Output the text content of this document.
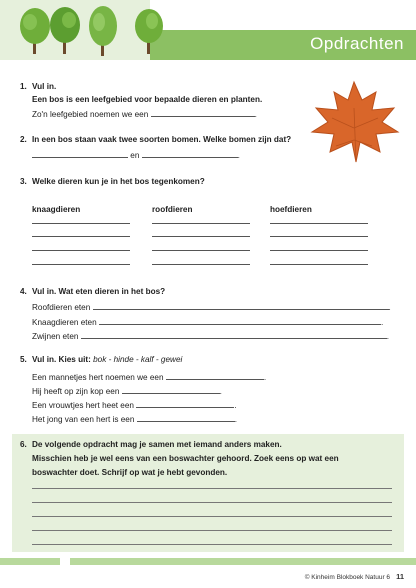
Opdrachten
1. Vul in.
Een bos is een leefgebied voor bepaalde dieren en planten.
Zo'n leefgebied noemen we een	.
2. In een bos staan vaak twee soorten bomen. Welke bomen zijn dat?
en	.
3. Welke dieren kun je in het bos tegenkomen?
knaagdieren	roofdieren	hoefdieren
4. Vul in. Wat eten dieren in het bos?
Roofdieren eten	.
Knaagdieren eten	.
Zwijnen eten	.
5. Vul in. Kies uit: bok - hinde - kalf - gewei
Een mannetjes hert noemen we een	.
Hij heeft op zijn kop een	.
Een vrouwtjes hert heet een	.
Het jong van een hert is een	.
6. De volgende opdracht mag je samen met iemand anders maken.
Misschien heb je wel eens van een boswachter gehoord. Zoek eens op wat een
boswachter doet. Schrijf op wat je hebt gevonden.
© Kinheim Blokboek Natuur 6 11
